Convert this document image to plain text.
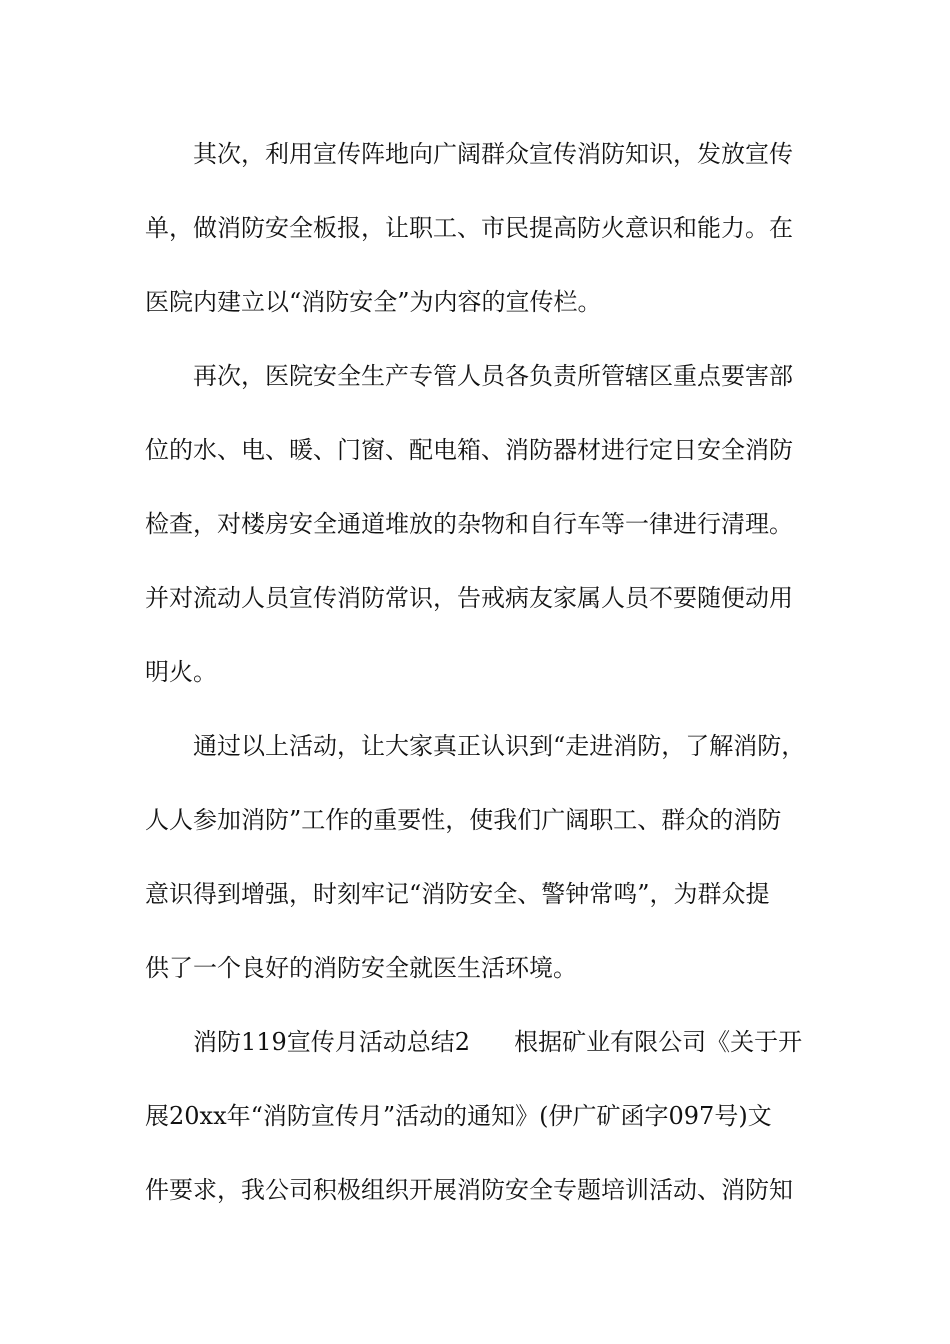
其次，利用宣传阵地向广阔群众宣传消防知识，发放宣传
单，做消防安全板报，让职工、市民提高防火意识和能力。在
医院内建立以“消防安全”为内容的宣传栏。
再次，医院安全生产专管人员各负责所管辖区重点要害部
位的水、电、暖、门窗、配电箱、消防器材进行定日安全消防
检查，对楼房安全通道堆放的杂物和自行车等一律进行清理。
并对流动人员宣传消防常识，告戒病友家属人员不要随便动用
明火。
通过以上活动，让大家真正认识到“走进消防，了解消防，
人人参加消防”工作的重要性，使我们广阔职工、群众的消防
意识得到增强，时刻牢记“消防安全、警钟常鸣”，为群众提
供了一个良好的消防安全就医生活环境。
消防119宣传月活动总结2 根据矿业有限公司《关于开
展20xx年“消防宣传月”活动的通知》(伊广矿函字097号)文
件要求，我公司积极组织开展消防安全专题培训活动、消防知
